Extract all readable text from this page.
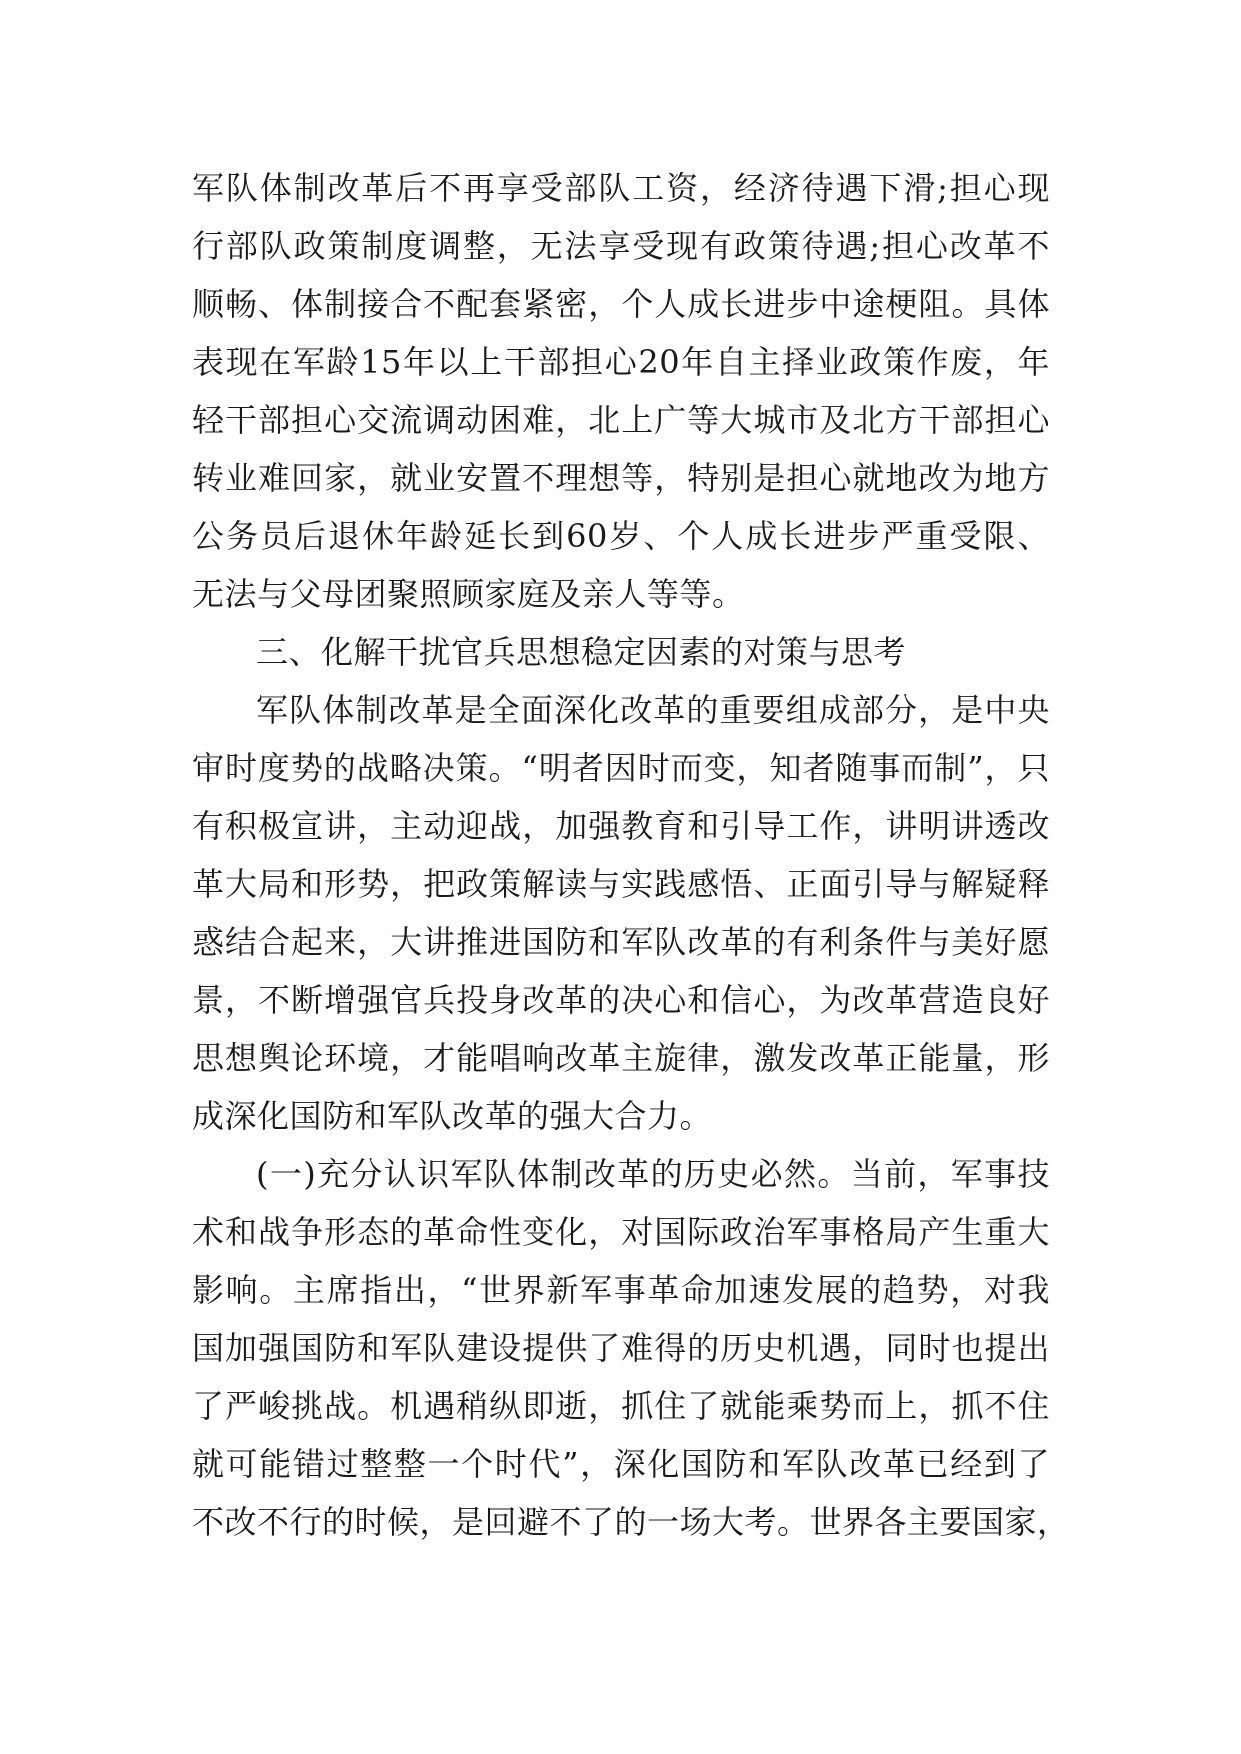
军队体制改革后不再享受部队工资，经济待遇下滑;担心现
行部队政策制度调整，无法享受现有政策待遇;担心改革不
顺畅、体制接合不配套紧密，个人成长进步中途梗阻。具体
表现在军龄15年以上干部担心20年自主择业政策作废，年
轻干部担心交流调动困难，北上广等大城市及北方干部担心
转业难回家，就业安置不理想等，特别是担心就地改为地方
公务员后退休年龄延长到60岁、个人成长进步严重受限、
无法与父母团聚照顾家庭及亲人等等。
三、化解干扰官兵思想稳定因素的对策与思考
军队体制改革是全面深化改革的重要组成部分，是中央
审时度势的战略决策。“明者因时而变，知者随事而制”，只
有积极宣讲，主动迎战，加强教育和引导工作，讲明讲透改
革大局和形势，把政策解读与实践感悟、正面引导与解疑释
惑结合起来，大讲推进国防和军队改革的有利条件与美好愿
景，不断增强官兵投身改革的决心和信心，为改革营造良好
思想舆论环境，才能唱响改革主旋律，激发改革正能量，形
成深化国防和军队改革的强大合力。
(一)充分认识军队体制改革的历史必然。当前，军事技
术和战争形态的革命性变化，对国际政治军事格局产生重大
影响。主席指出，“世界新军事革命加速发展的趋势，对我
国加强国防和军队建设提供了难得的历史机遇，同时也提出
了严峻挑战。机遇稍纵即逝，抓住了就能乘势而上，抓不住
就可能错过整整一个时代”，深化国防和军队改革已经到了
不改不行的时候，是回避不了的一场大考。世界各主要国家，
